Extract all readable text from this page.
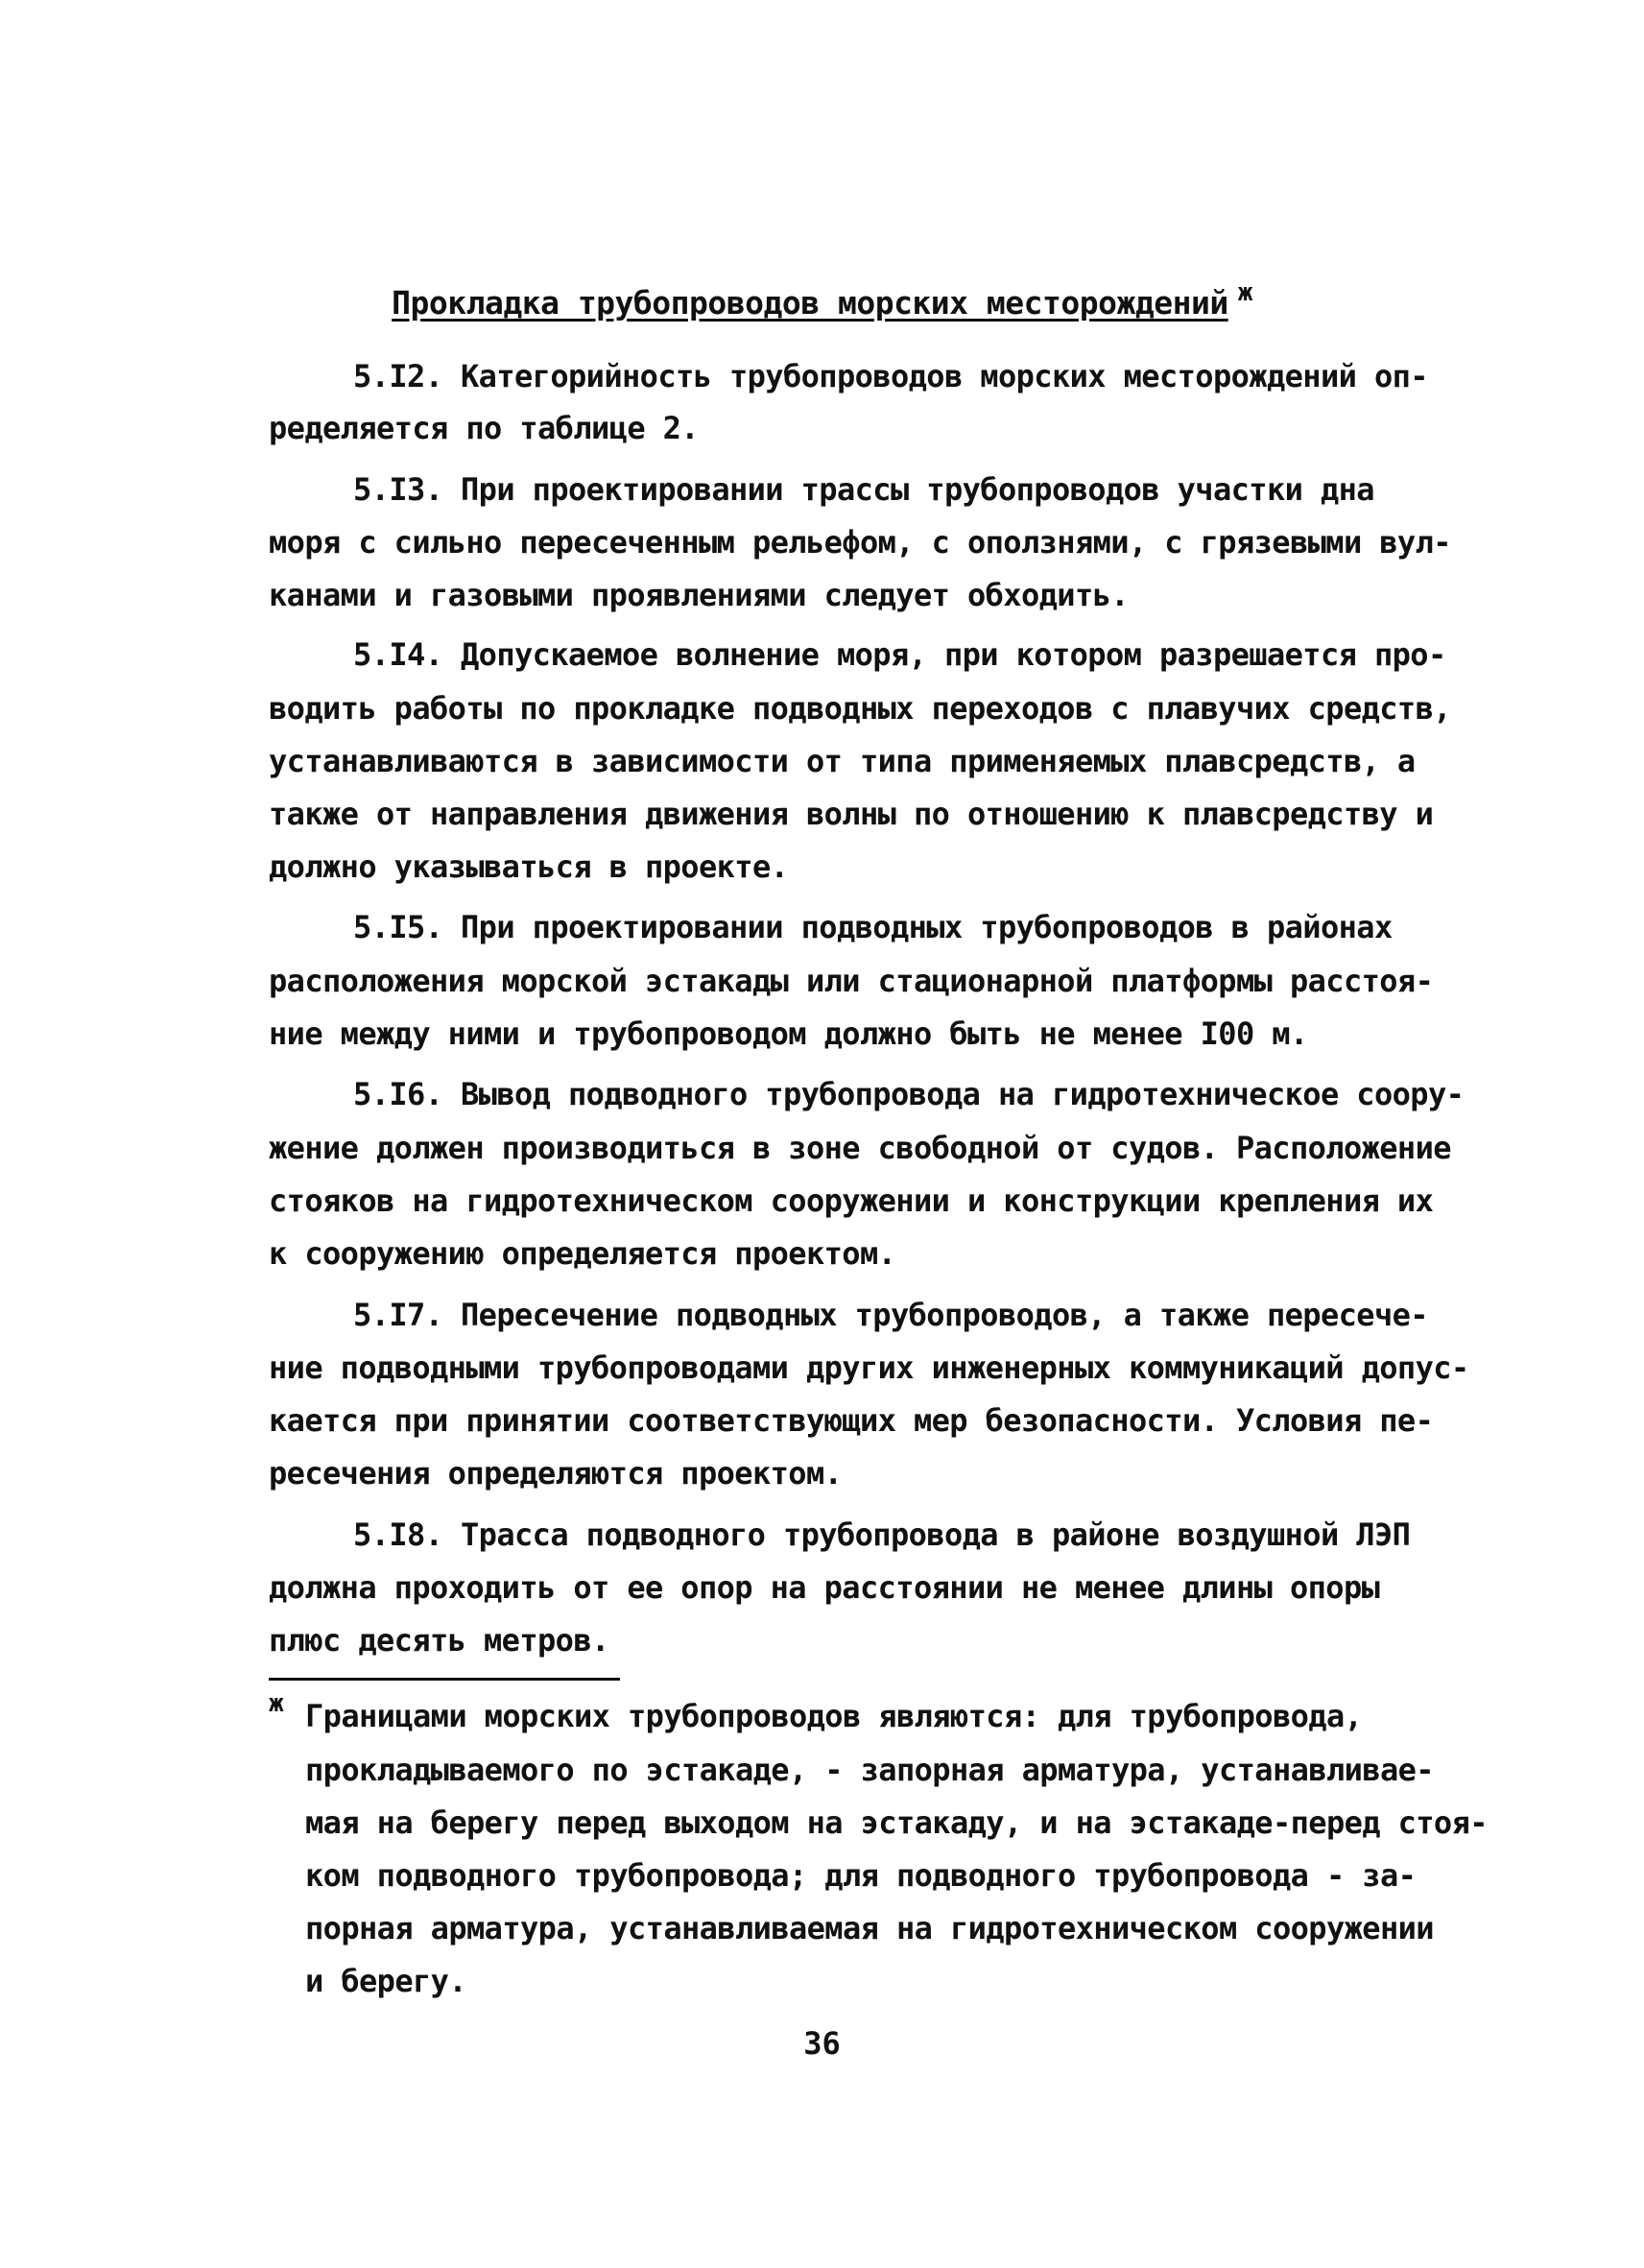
Прокладка трубопроводов морских месторождений $^ж$
5.I2. Категорийность трубопроводов морских месторождений оп-
ределяется по таблице 2.
5.I3. При проектировании трассы трубопроводов участки дна
моря с сильно пересеченным рельефом, с оползнями, с грязевыми вул-
канами и газовыми проявлениями следует обходить.
5.I4. Допускаемое волнение моря, при котором разрешается про-
водить работы по прокладке подводных переходов с плавучих средств,
устанавливаются в зависимости от типа применяемых плавсредств, а
также от направления движения волны по отношению к плавсредству и
должно указываться в проекте.
5.I5. При проектировании подводных трубопроводов в районах
расположения морской эстакады или стационарной платформы расстоя-
ние между ними и трубопроводом должно быть не менее I00 м.
5.I6. Вывод подводного трубопровода на гидротехническое соору-
жение должен производиться в зоне свободной от судов. Расположение
стояков на гидротехническом сооружении и конструкции крепления их
к сооружению определяется проектом.
5.I7. Пересечение подводных трубопроводов, а также пересече-
ние подводными трубопроводами других инженерных коммуникаций допус-
кается при принятии соответствующих мер безопасности. Условия пе-
ресечения определяются проектом.
5.I8. Трасса подводного трубопровода в районе воздушной ЛЭП
должна проходить от ее опор на расстоянии не менее длины опоры
плюс десять метров.
ж Границами морских трубопроводов являются: для трубопровода,
прокладываемого по эстакаде, - запорная арматура, устанавливае-
мая на берегу перед выходом на эстакаду, и на эстакаде-перед стоя-
ком подводного трубопровода; для подводного трубопровода - за-
порная арматура, устанавливаемая на гидротехническом сооружении
и берегу.
36
